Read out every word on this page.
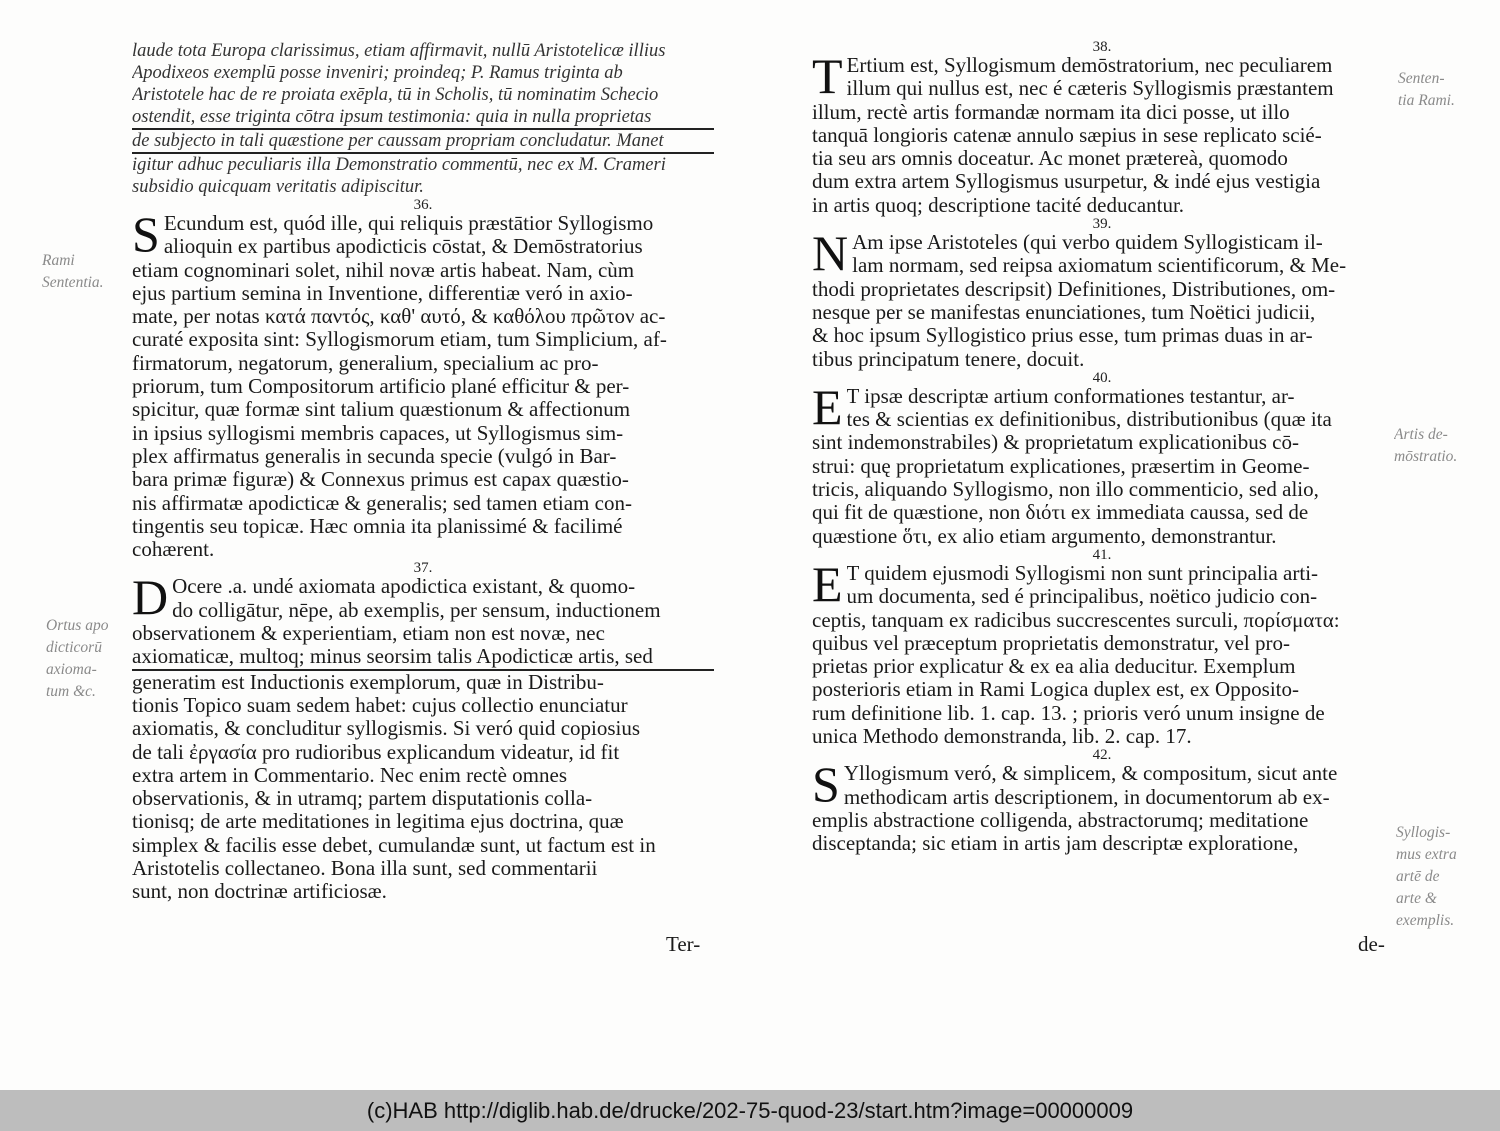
laude tota Europa clarissimus, etiam affirmavit, nullū Aristotelicæ illius
Apodixeos exemplū posse inveniri; proindeq; P. Ramus triginta ab
Aristotele hac de re proiata exēpla, tū in Scholis, tū nominatim Schecio
ostendit, esse triginta cōtra ipsum testimonia: quia in nulla proprietas
de subjecto in tali quæstione per caussam propriam concludatur. Manet
igitur adhuc peculiaris illa Demonstratio commentū, nec ex M. Crameri
subsidio quicquam veritatis adipiscitur.
36.
S Ecundum est, quód ille, qui reliquis præstātior Syllogismo
alioquin ex partibus apodicticis cōstat, & Demōstratorius
etiam cognominari solet, nihil novæ artis habeat. Nam, cùm
ejus partium semina in Inventione, differentiæ veró in axio-
mate, per notas κατά παντός, καθ' αυτό, & καθόλου πρῶτον ac-
curaté exposita sint: Syllogismorum etiam, tum Simplicium, af-
firmatorum, negatorum, generalium, specialium ac pro-
priorum, tum Compositorum artificio plané efficitur & per-
spicitur, quæ formæ sint talium quæstionum & affectionum
in ipsius syllogismi membris capaces, ut Syllogismus sim-
plex affirmatus generalis in secunda specie (vulgó in Bar-
bara primæ figuræ) & Connexus primus est capax quæstio-
nis affirmatæ apodicticæ & generalis; sed tamen etiam con-
tingentis seu topicæ. Hæc omnia ita planissimé & facilimé
cohærent.
37.
D Ocere .a. undé axiomata apodictica existant, & quomo-
do colligātur, nēpe, ab exemplis, per sensum, inductionem
observationem & experientiam, etiam non est novæ, nec
axiomaticæ, multoq; minus seorsim talis Apodicticæ artis, sed
generatim est Inductionis exemplorum, quæ in Distribu-
tionis Topico suam sedem habet: cujus collectio enunciatur
axiomatis, & concluditur syllogismis. Si veró quid copiosius
de tali ἐργασία pro rudioribus explicandum videatur, id fit
extra artem in Commentario. Nec enim rectè omnes
observationis, & in utramq; partem disputationis colla-
tionisq; de arte meditationes in legitima ejus doctrina, quæ
simplex & facilis esse debet, cumulandæ sunt, ut factum est in
Aristotelis collectaneo. Bona illa sunt, sed commentarii
sunt, non doctrinæ artificiosæ.
Ter-
Rami
Sententia.
Ortus apo
dicticorū
axioma-
tum &c.
38.
T Ertium est, Syllogismum demōstratorium, nec peculiarem
illum qui nullus est, nec é cæteris Syllogismis præstantem
illum, rectè artis formandæ normam ita dici posse, ut illo
tanquā longioris catenæ annulo sæpius in sese replicato scié-
tia seu ars omnis doceatur. Ac monet prætereà, quomodo
dum extra artem Syllogismus usurpetur, & indé ejus vestigia
in artis quoq; descriptione tacité deducantur.
39.
N Am ipse Aristoteles (qui verbo quidem Syllogisticam il-
lam normam, sed reipsa axiomatum scientificorum, & Me-
thodi proprietates descripsit) Definitiones, Distributiones, om-
nesque per se manifestas enunciationes, tum Noëtici judicii,
& hoc ipsum Syllogistico prius esse, tum primas duas in ar-
tibus principatum tenere, docuit.
40.
E T ipsæ descriptæ artium conformationes testantur, ar-
tes & scientias ex definitionibus, distributionibus (quæ ita
sint indemonstrabiles) & proprietatum explicationibus cō-
strui: quę proprietatum explicationes, præsertim in Geome-
tricis, aliquando Syllogismo, non illo commenticio, sed alio,
qui fit de quæstione, non διότι ex immediata caussa, sed de
quæstione ὅτι, ex alio etiam argumento, demonstrantur.
41.
E T quidem ejusmodi Syllogismi non sunt principalia arti-
um documenta, sed é principalibus, noëtico judicio con-
ceptis, tanquam ex radicibus succrescentes surculi, πορίσματα:
quibus vel præceptum proprietatis demonstratur, vel pro-
prietas prior explicatur & ex ea alia deducitur. Exemplum
posterioris etiam in Rami Logica duplex est, ex Opposito-
rum definitione lib. 1. cap. 13. ; prioris veró unum insigne de
unica Methodo demonstranda, lib. 2. cap. 17.
42.
S Yllogismum veró, & simplicem, & compositum, sicut ante
methodicam artis descriptionem, in documentorum ab ex-
emplis abstractione colligenda, abstractorumq; meditatione
disceptanda; sic etiam in artis jam descriptæ exploratione,
de-
Senten-
tia Rami.
Artis de-
mōstratio.
Syllogis-
mus extra
artē de
arte &
exemplis.
(c)HAB http://diglib.hab.de/drucke/202-75-quod-23/start.htm?image=00000009
